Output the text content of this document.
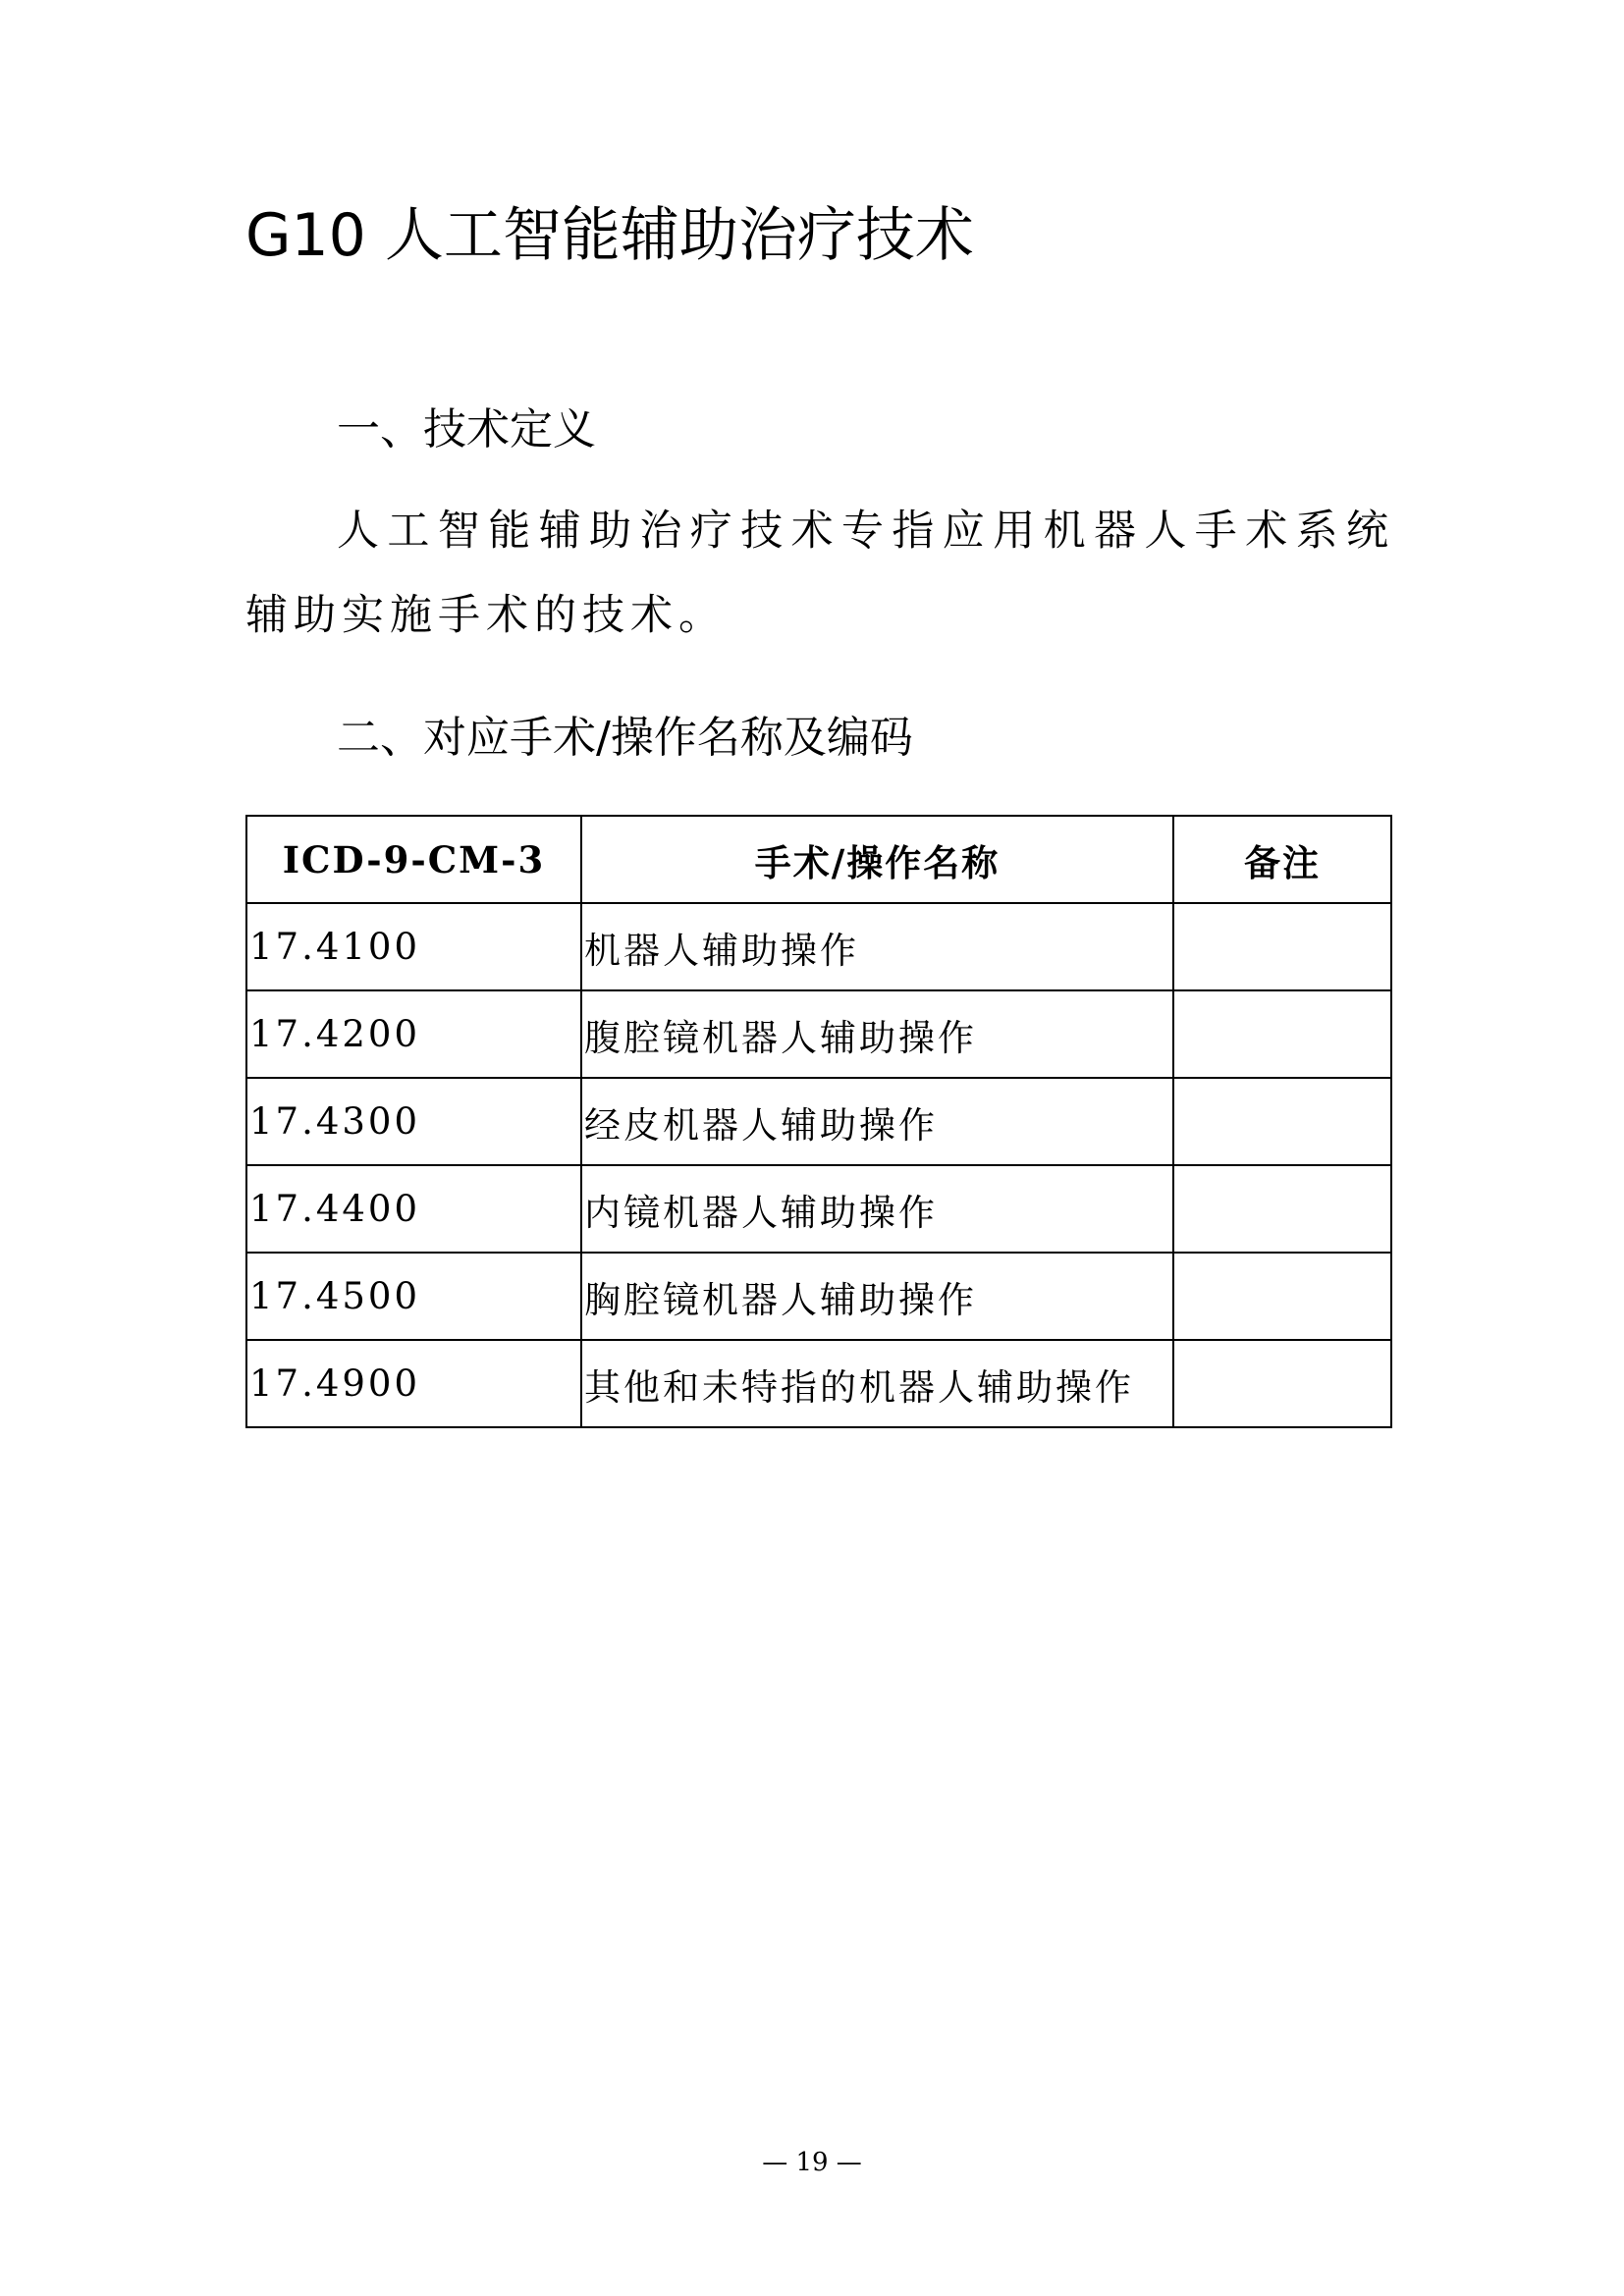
G10 人工智能辅助治疗技术
一、技术定义

人工智能辅助治疗技术专指应用机器人手术系统辅助实施手术的技术。

二、对应手术/操作名称及编码
ICD-9-CM-3	手术/操作名称	备注
17.4100	机器人辅助操作	
17.4200	腹腔镜机器人辅助操作	
17.4300	经皮机器人辅助操作	
17.4400	内镜机器人辅助操作	
17.4500	胸腔镜机器人辅助操作	
17.4900	其他和未特指的机器人辅助操作	
— 19 —
